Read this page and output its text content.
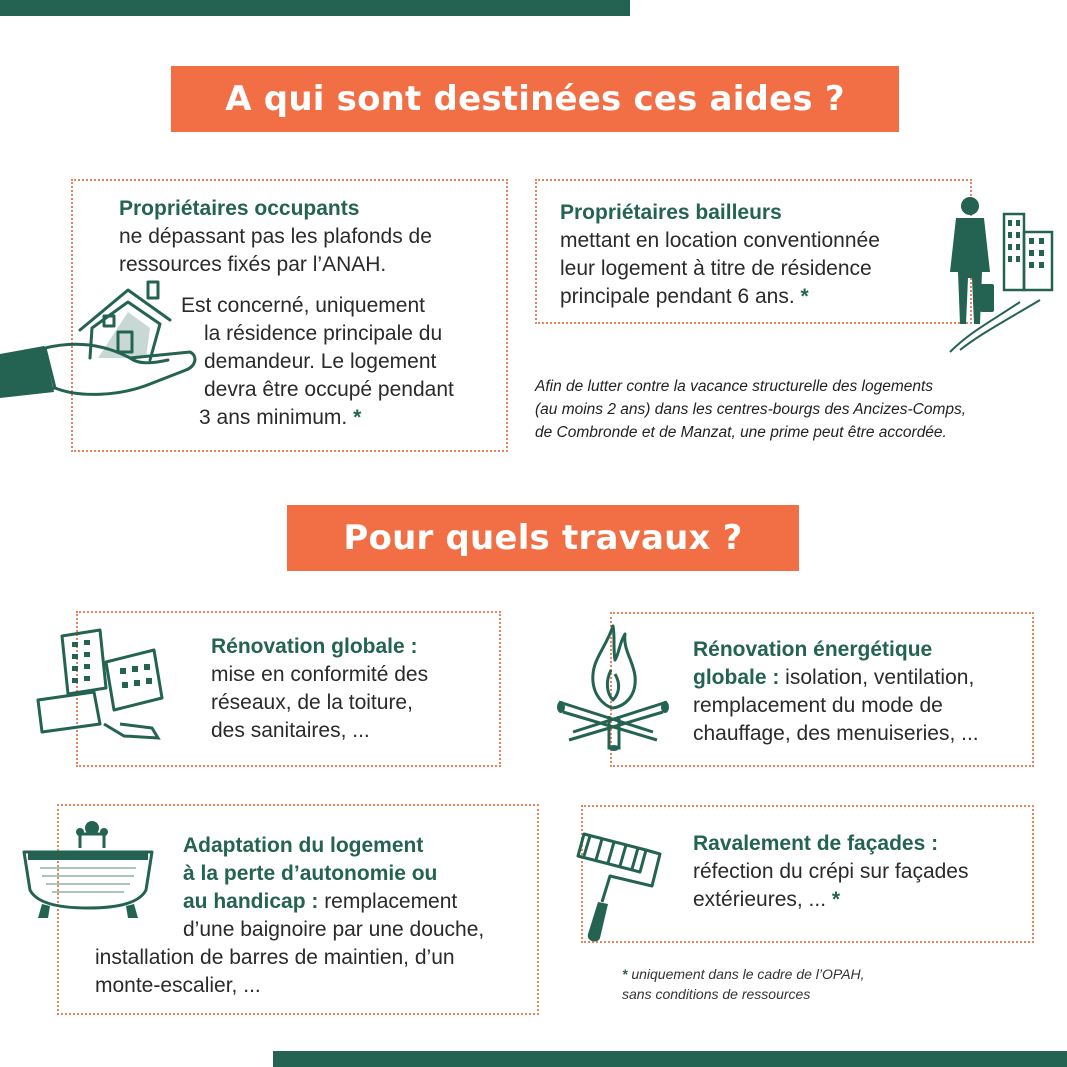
A qui sont destinées ces aides ?
Propriétaires occupants
ne dépassant pas les plafonds de
ressources fixés par l’ANAH.
Est concerné, uniquement
la résidence principale du
demandeur. Le logement
devra être occupé pendant
3 ans minimum. *
Propriétaires bailleurs
mettant en location conventionnée
leur logement à titre de résidence
principale pendant 6 ans. *
Afin de lutter contre la vacance structurelle des logements
(au moins 2 ans) dans les centres-bourgs des Ancizes-Comps,
de Combronde et de Manzat, une prime peut être accordée.
Pour quels travaux ?
Rénovation globale :
mise en conformité des
réseaux, de la toiture,
des sanitaires, ...
Rénovation énergétique
globale : isolation, ventilation,
remplacement du mode de
chauffage, des menuiseries, ...
Adaptation du logement
à la perte d’autonomie ou
au handicap : remplacement
d’une baignoire par une douche,
installation de barres de maintien, d’un
monte-escalier, ...
Ravalement de façades :
réfection du crépi sur façades
extérieures, ... *
* uniquement dans le cadre de l’OPAH,
sans conditions de ressources
